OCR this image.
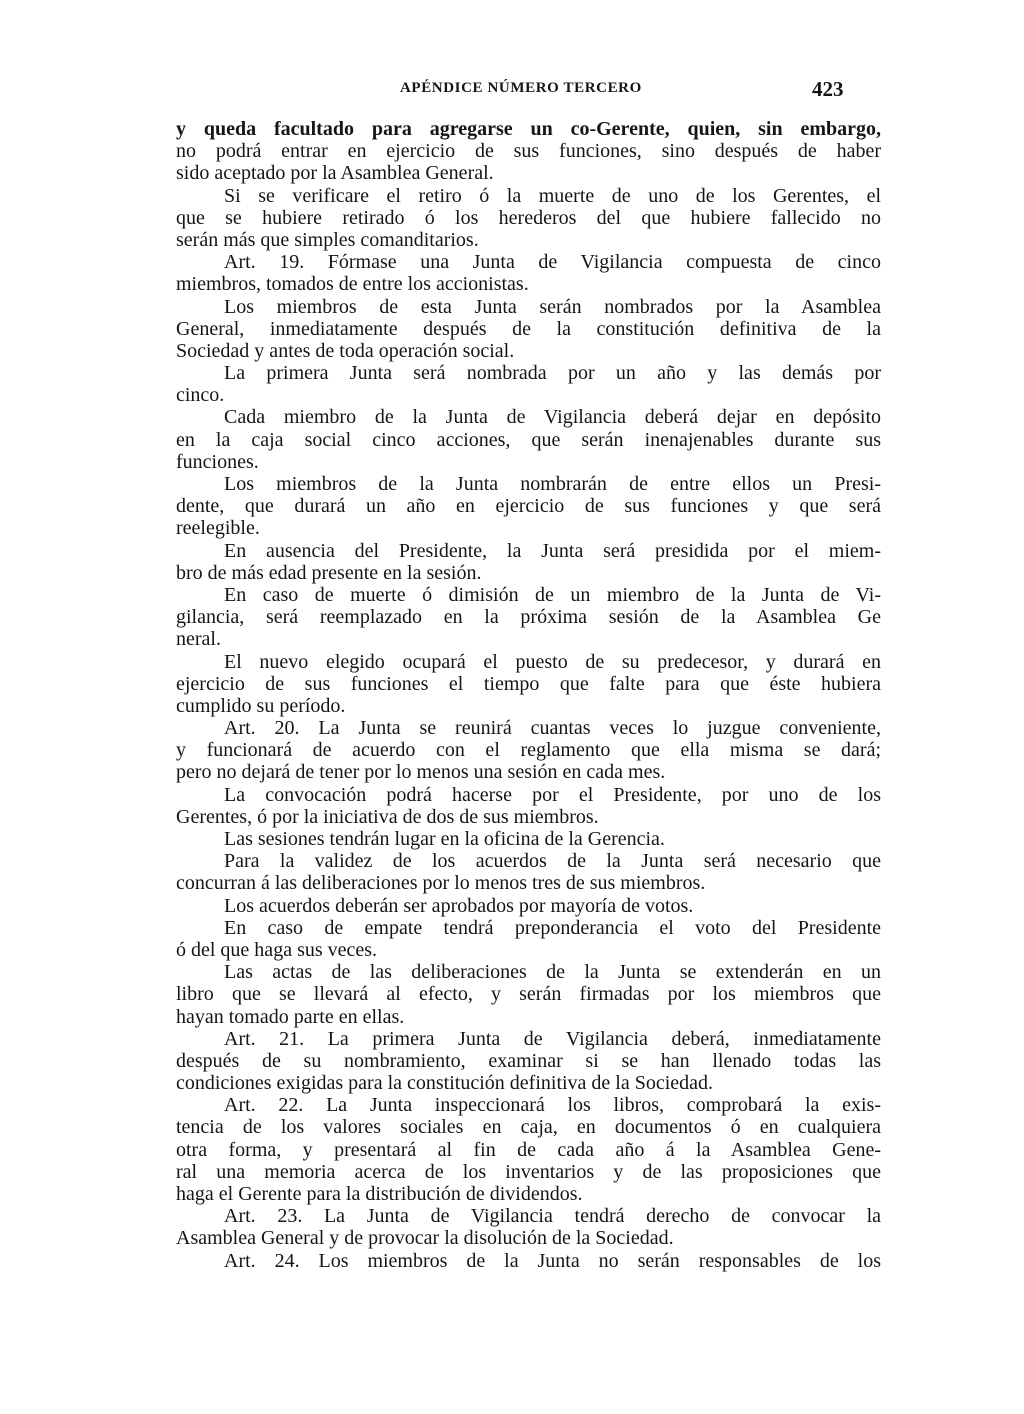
APÉNDICE NÚMERO TERCERO	423
y queda facultado para agregarse un co-Gerente, quien, sin embargo,
no podrá entrar en ejercicio de sus funciones, sino después de haber
sido aceptado por la Asamblea General.
Si se verificare el retiro ó la muerte de uno de los Gerentes, el
que se hubiere retirado ó los herederos del que hubiere fallecido no
serán más que simples comanditarios.
Art. 19. Fórmase una Junta de Vigilancia compuesta de cinco
miembros, tomados de entre los accionistas.
Los miembros de esta Junta serán nombrados por la Asamblea
General, inmediatamente después de la constitución definitiva de la
Sociedad y antes de toda operación social.
La primera Junta será nombrada por un año y las demás por
cinco.
Cada miembro de la Junta de Vigilancia deberá dejar en depósito
en la caja social cinco acciones, que serán inenajenables durante sus
funciones.
Los miembros de la Junta nombrarán de entre ellos un Presi-
dente, que durará un año en ejercicio de sus funciones y que será
reelegible.
En ausencia del Presidente, la Junta será presidida por el miem-
bro de más edad presente en la sesión.
En caso de muerte ó dimisión de un miembro de la Junta de Vi-
gilancia, será reemplazado en la próxima sesión de la Asamblea Ge
neral.
El nuevo elegido ocupará el puesto de su predecesor, y durará en
ejercicio de sus funciones el tiempo que falte para que éste hubiera
cumplido su período.
Art. 20. La Junta se reunirá cuantas veces lo juzgue conveniente,
y funcionará de acuerdo con el reglamento que ella misma se dará;
pero no dejará de tener por lo menos una sesión en cada mes.
La convocación podrá hacerse por el Presidente, por uno de los
Gerentes, ó por la iniciativa de dos de sus miembros.
Las sesiones tendrán lugar en la oficina de la Gerencia.
Para la validez de los acuerdos de la Junta será necesario que
concurran á las deliberaciones por lo menos tres de sus miembros.
Los acuerdos deberán ser aprobados por mayoría de votos.
En caso de empate tendrá preponderancia el voto del Presidente
ó del que haga sus veces.
Las actas de las deliberaciones de la Junta se extenderán en un
libro que se llevará al efecto, y serán firmadas por los miembros que
hayan tomado parte en ellas.
Art. 21. La primera Junta de Vigilancia deberá, inmediatamente
después de su nombramiento, examinar si se han llenado todas las
condiciones exigidas para la constitución definitiva de la Sociedad.
Art. 22. La Junta inspeccionará los libros, comprobará la exis-
tencia de los valores sociales en caja, en documentos ó en cualquiera
otra forma, y presentará al fin de cada año á la Asamblea Gene-
ral una memoria acerca de los inventarios y de las proposiciones que
haga el Gerente para la distribución de dividendos.
Art. 23. La Junta de Vigilancia tendrá derecho de convocar la
Asamblea General y de provocar la disolución de la Sociedad.
Art. 24. Los miembros de la Junta no serán responsables de los
